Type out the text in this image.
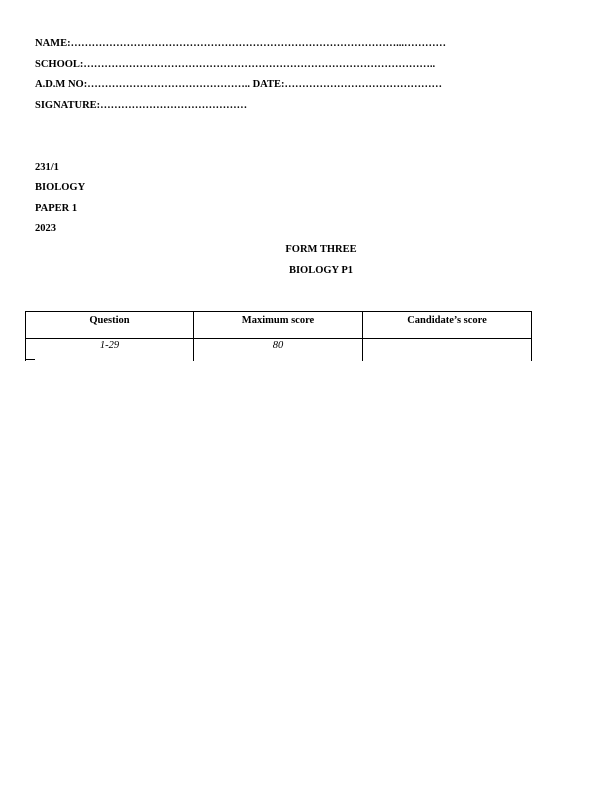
NAME:…………………………………………………………………………………...…………
SCHOOL:………………………………………………………………………………………..
A.D.M NO:……………………………………….. DATE:………………………………………
SIGNATURE:……………………………………
231/1
BIOLOGY
PAPER 1
2023
FORM THREE
BIOLOGY P1
Question	Maximum score	Candidate’s score
1-29	80	
